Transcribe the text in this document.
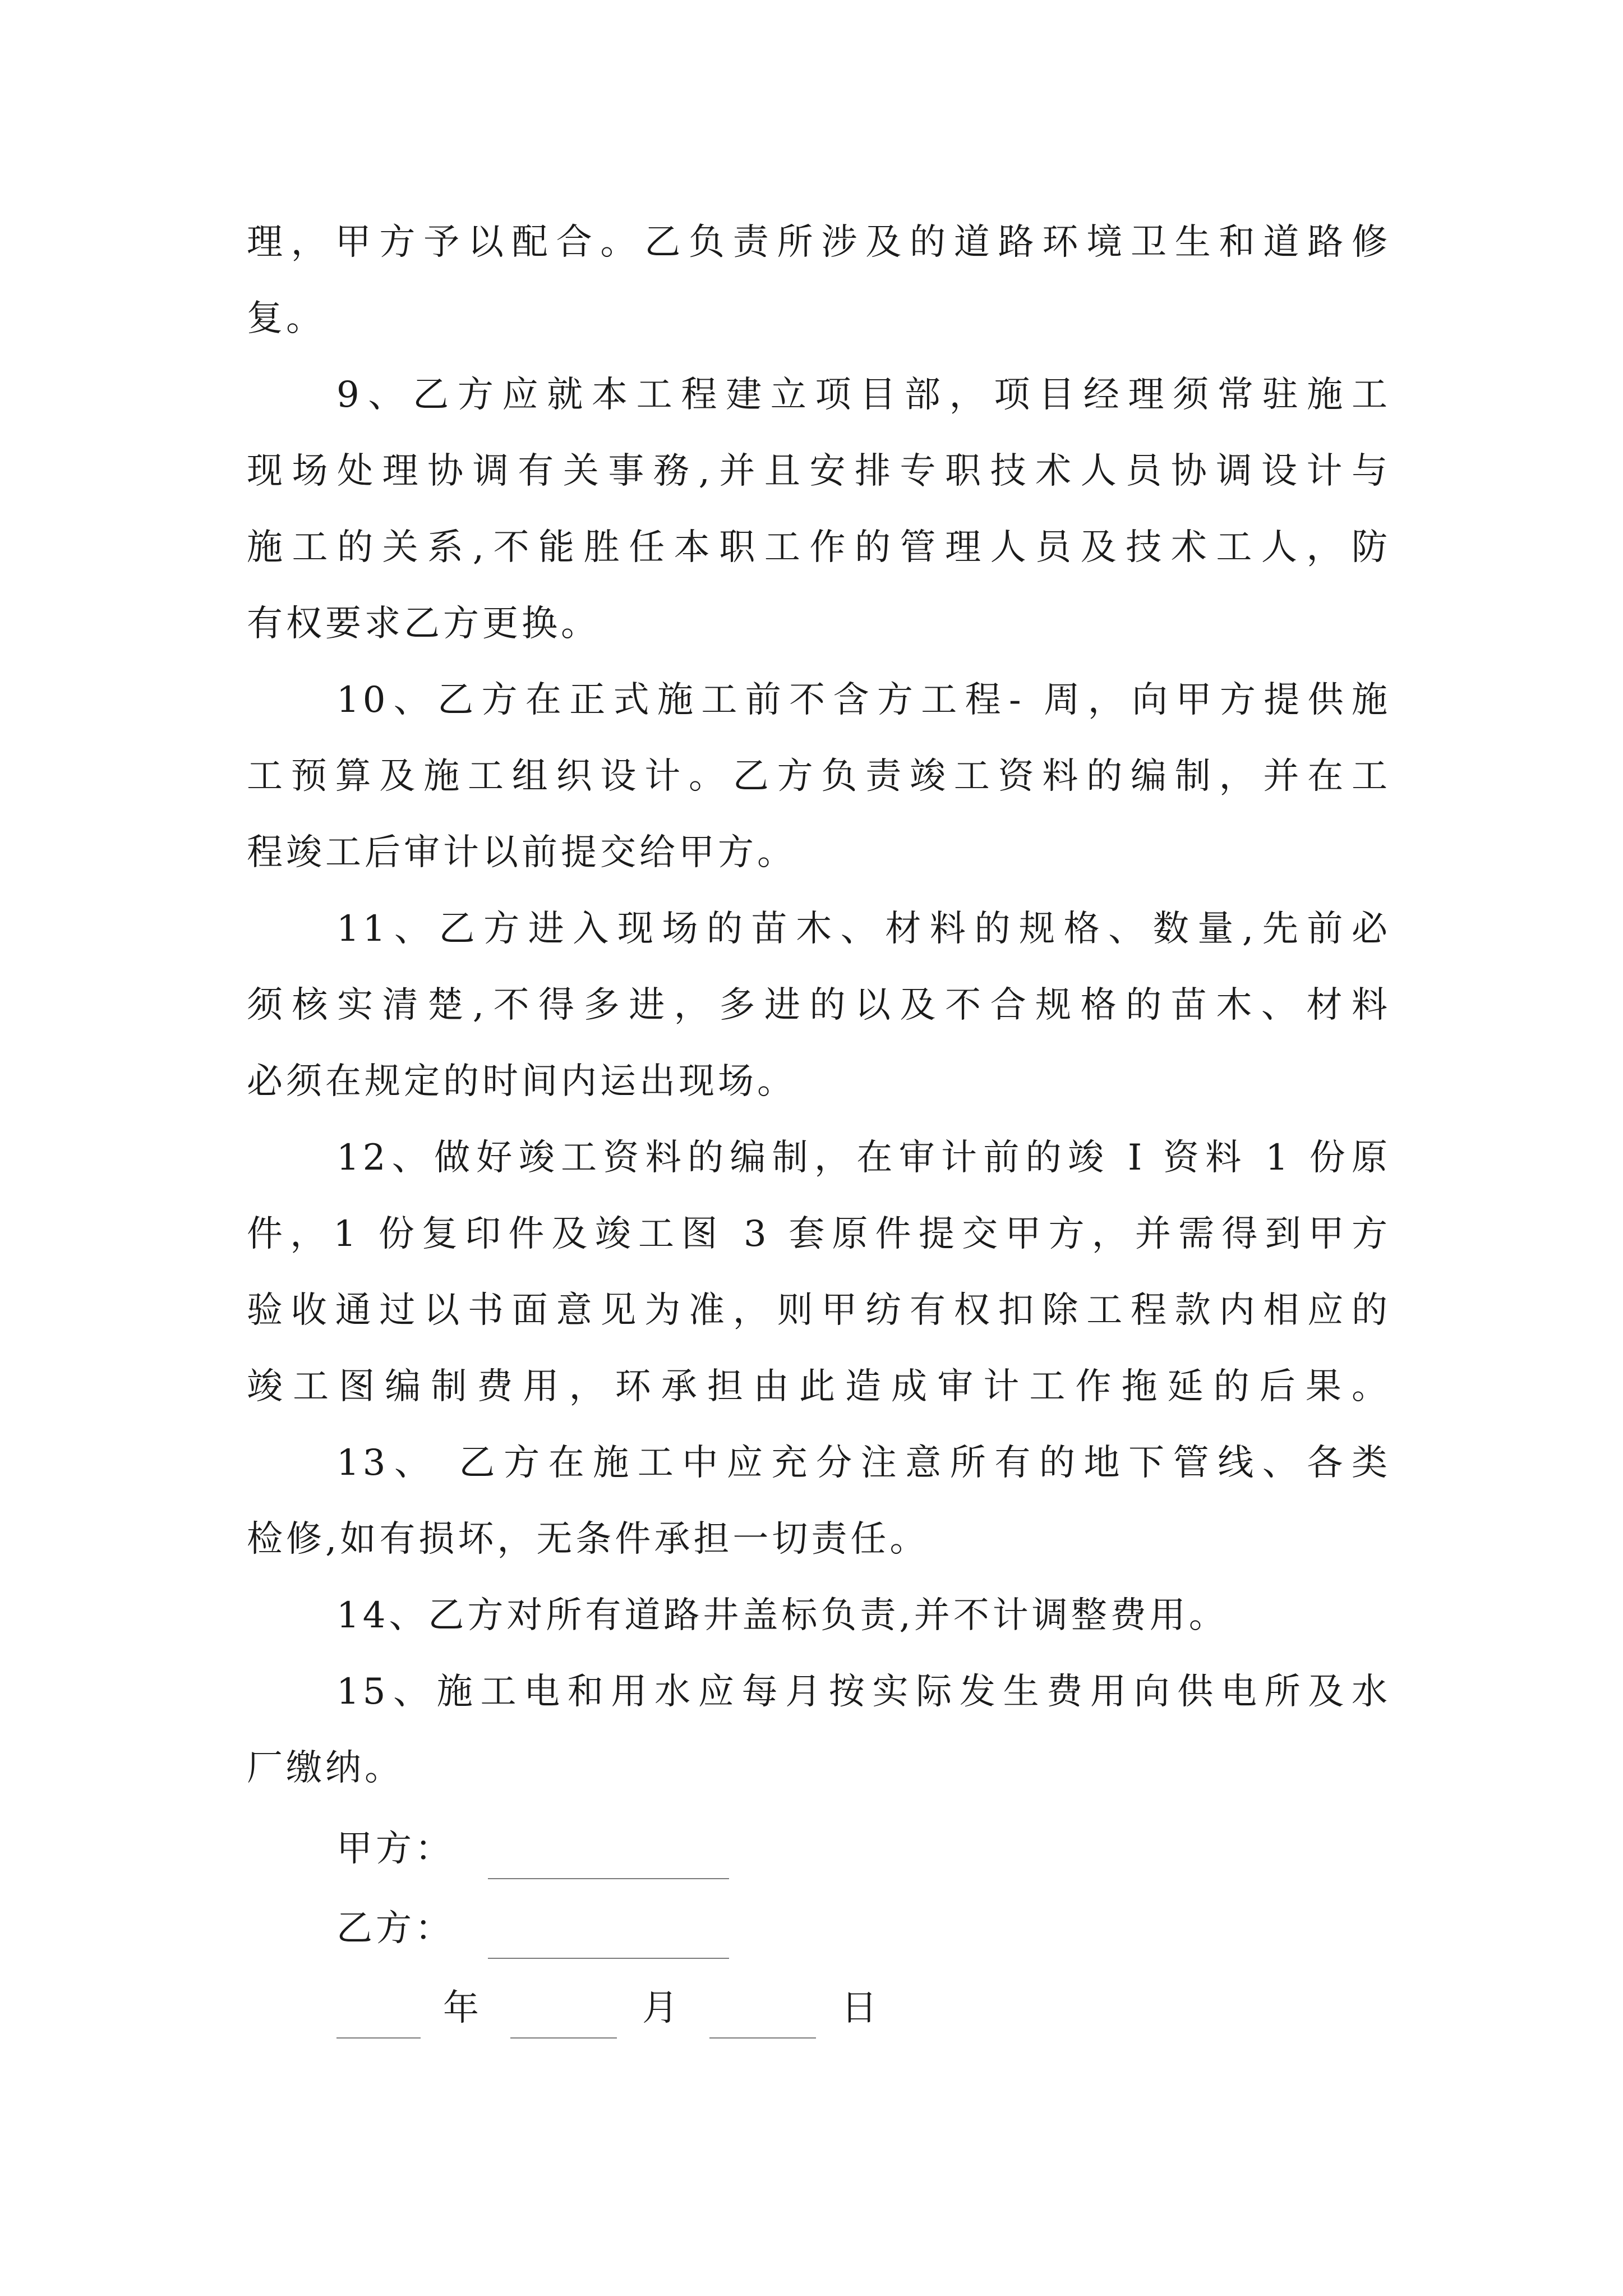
理，甲方予以配合。乙负责所涉及的道路环境卫生和道路修
复。
9、乙方应就本工程建立项目部，项目经理须常驻施工
现场处理协调有关事務,并且安排专职技术人员协调设计与
施工的关系,不能胜任本职工作的管理人员及技术工人，防
有权要求乙方更换。
10、乙方在正式施工前不含方工程- 周，向甲方提供施
工预算及施工组织设计。乙方负责竣工资料的编制，并在工
程竣工后审计以前提交给甲方。
11、乙方进入现场的苗木、材料的规格、数量,先前必
须核实清楚,不得多进，多进的以及不合规格的苗木、材料
必须在规定的时间内运出现场。
12、做好竣工资料的编制，在审计前的竣 I 资料 1 份原
件，1 份复印件及竣工图 3 套原件提交甲方，并需得到甲方
验收通过以书面意见为准，则甲纺有权扣除工程款内相应的
竣工图编制费用，环承担由此造成审计工作拖延的后果。
13、 乙方在施工中应充分注意所有的地下管线、各类
检修,如有损坏，无条件承担一切责任。
14、乙方对所有道路井盖标负责,并不计调整费用。
15、施工电和用水应每月按实际发生费用向供电所及水
厂缴纳。
甲方：
乙方：
年	月	日
